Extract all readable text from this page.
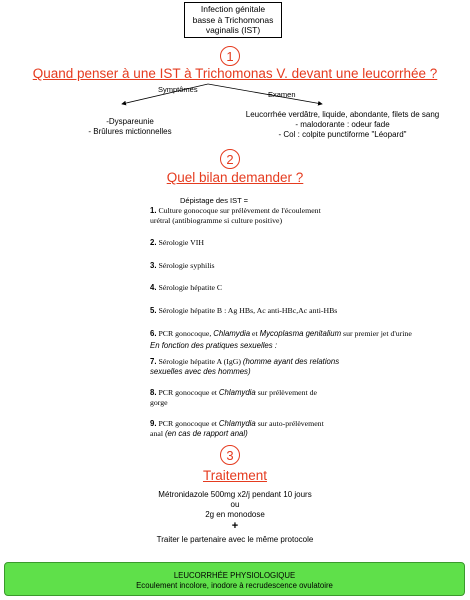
Infection génitale
basse à Trichomonas
vaginalis (IST)
1
Quand penser à une IST à Trichomonas V. devant une leucorrhée ?
Symptômes
Examen
-Dyspareunie
- Brûlures mictionnelles
Leucorrhée verdâtre, liquide, abondante, filets de sang
- malodorante : odeur fade
- Col : colpite punctiforme "Léopard"
2
Quel bilan demander ?
Dépistage des IST =
1. Culture gonocoque sur prélèvement de l'écoulement
urétral (antibiogramme si culture positive)
2. Sérologie VIH
3. Sérologie syphilis
4. Sérologie hépatite C
5. Sérologie hépatite B : Ag HBs, Ac anti-HBc,Ac anti-HBs
6. PCR gonocoque, Chlamydia et Mycoplasma genitalium sur premier jet d'urine
En fonction des pratiques sexuelles :
7. Sérologie hépatite A (IgG) (homme ayant des relations
sexuelles avec des hommes)
8. PCR gonocoque et Chlamydia sur prélèvement de
gorge
9. PCR gonocoque et Chlamydia sur auto-prélèvement
anal (en cas de rapport anal)
3
Traitement
Métronidazole 500mg x2/j pendant 10 jours
ou
2g en monodose
+
Traiter le partenaire avec le même protocole
LEUCORRHÉE PHYSIOLOGIQUE
Ecoulement incolore, inodore à recrudescence ovulatoire
